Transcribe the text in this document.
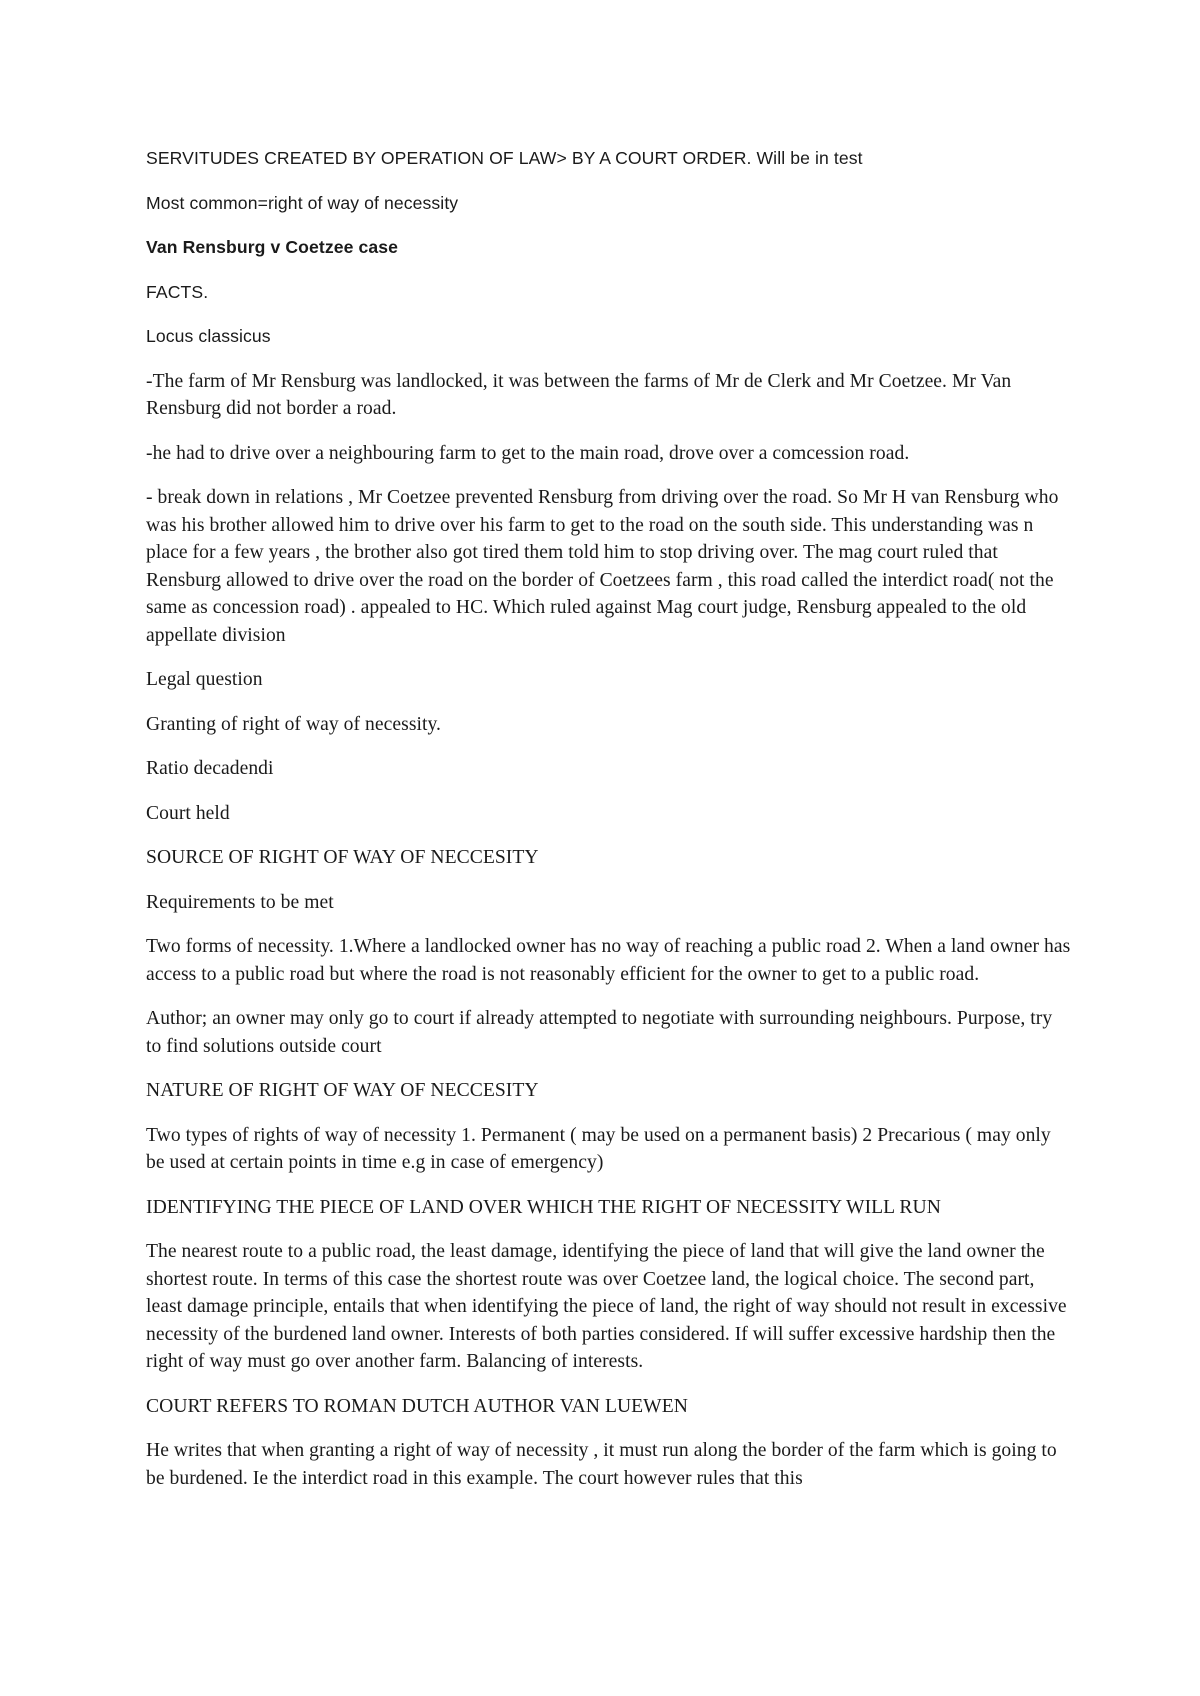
SERVITUDES CREATED BY OPERATION OF LAW> BY A COURT ORDER. Will be in test

Most common=right of way of necessity

Van Rensburg v Coetzee case

FACTS.

Locus classicus

-The farm of Mr Rensburg was landlocked, it was between the farms of Mr de Clerk and Mr Coetzee. Mr Van Rensburg did not border a road.

-he had to drive over a neighbouring farm to get to the main road, drove over a comcession road.

- break down in relations , Mr Coetzee prevented Rensburg from driving over the road. So Mr H van Rensburg who was his brother allowed him to drive over his farm to get to the road on the south side. This understanding was n place for a few years , the brother also got tired them told him to stop driving over. The mag court ruled that Rensburg allowed to drive over the road on the border of Coetzees farm , this road called the interdict road( not the same as concession road) . appealed to HC. Which ruled against Mag court judge, Rensburg appealed to the old appellate division

Legal question

Granting of right of way of necessity.

Ratio decadendi

Court held

SOURCE OF RIGHT OF WAY OF NECCESITY

Requirements to be met

Two forms of necessity. 1.Where a landlocked owner has no way of reaching a public road 2. When a land owner has access to a public road but where the road is not reasonably efficient for the owner to get to a public road.

Author; an owner may only go to court if already attempted to negotiate with surrounding neighbours. Purpose, try to find solutions outside court

NATURE OF RIGHT OF WAY OF NECCESITY

Two types of rights of way of necessity 1. Permanent ( may be used on a permanent basis) 2 Precarious ( may only be used at certain points in time e.g in case of emergency)

IDENTIFYING THE PIECE OF LAND OVER WHICH THE RIGHT OF NECESSITY WILL RUN

The nearest route to a public road, the least damage, identifying the piece of land that will give the land owner the shortest route. In terms of this case the shortest route was over Coetzee land, the logical choice. The second part, least damage principle, entails that when identifying the piece of land, the right of way should not result in excessive necessity of the burdened land owner. Interests of both parties considered. If will suffer excessive hardship then the right of way must go over another farm. Balancing of interests.

COURT REFERS TO ROMAN DUTCH AUTHOR VAN LUEWEN

He writes that when granting a right of way of necessity , it must run along the border of the farm which is going to be burdened. Ie the interdict road in this example. The court however rules that this
